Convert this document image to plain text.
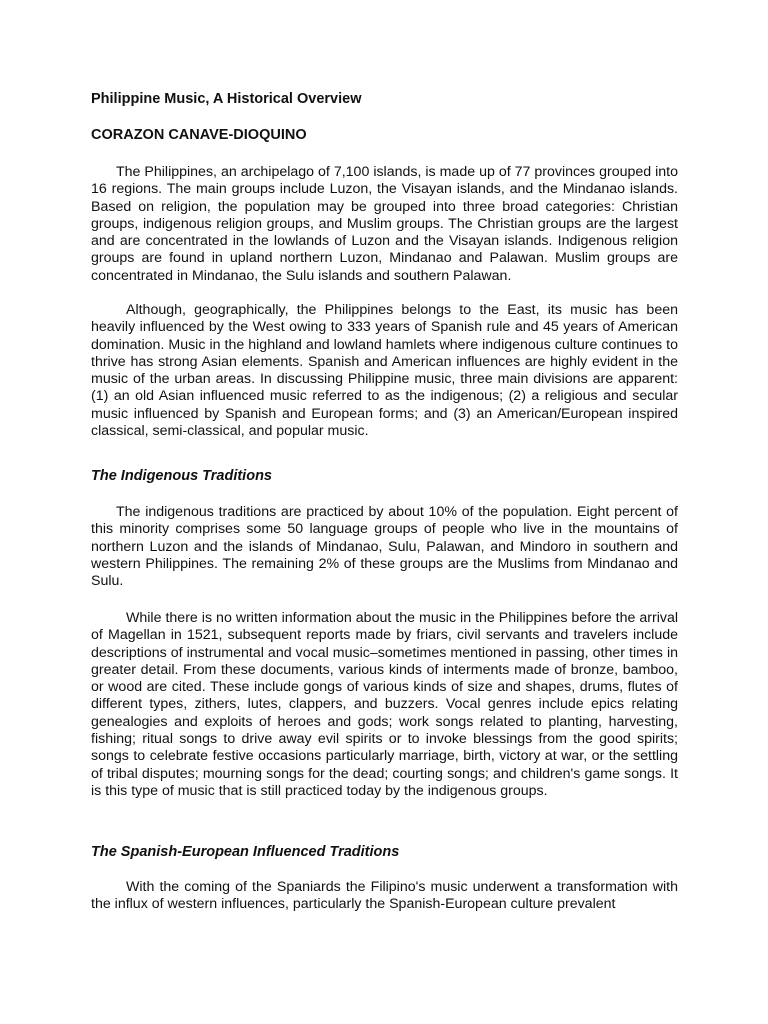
Philippine Music, A Historical Overview
CORAZON CANAVE-DIOQUINO

The Philippines, an archipelago of 7,100 islands, is made up of 77 provinces grouped into 16 regions. The main groups include Luzon, the Visayan islands, and the Mindanao islands. Based on religion, the population may be grouped into three broad categories: Christian groups, indigenous religion groups, and Muslim groups. The Christian groups are the largest and are concentrated in the lowlands of Luzon and the Visayan islands. Indigenous religion groups are found in upland northern Luzon, Mindanao and Palawan. Muslim groups are concentrated in Mindanao, the Sulu islands and southern Palawan.

Although, geographically, the Philippines belongs to the East, its music has been heavily influenced by the West owing to 333 years of Spanish rule and 45 years of American domination. Music in the highland and lowland hamlets where indigenous culture continues to thrive has strong Asian elements. Spanish and American influences are highly evident in the music of the urban areas. In discussing Philippine music, three main divisions are apparent: (1) an old Asian influenced music referred to as the indigenous; (2) a religious and secular music influenced by Spanish and European forms; and (3) an American/European inspired classical, semi-classical, and popular music.

The Indigenous Traditions

The indigenous traditions are practiced by about 10% of the population. Eight percent of this minority comprises some 50 language groups of people who live in the mountains of northern Luzon and the islands of Mindanao, Sulu, Palawan, and Mindoro in southern and western Philippines. The remaining 2% of these groups are the Muslims from Mindanao and Sulu.

While there is no written information about the music in the Philippines before the arrival of Magellan in 1521, subsequent reports made by friars, civil servants and travelers include descriptions of instrumental and vocal music–sometimes mentioned in passing, other times in greater detail. From these documents, various kinds of interments made of bronze, bamboo, or wood are cited. These include gongs of various kinds of size and shapes, drums, flutes of different types, zithers, lutes, clappers, and buzzers. Vocal genres include epics relating genealogies and exploits of heroes and gods; work songs related to planting, harvesting, fishing; ritual songs to drive away evil spirits or to invoke blessings from the good spirits; songs to celebrate festive occasions particularly marriage, birth, victory at war, or the settling of tribal disputes; mourning songs for the dead; courting songs; and children's game songs. It is this type of music that is still practiced today by the indigenous groups.

The Spanish-European Influenced Traditions

With the coming of the Spaniards the Filipino's music underwent a transformation with the influx of western influences, particularly the Spanish-European culture prevalent
